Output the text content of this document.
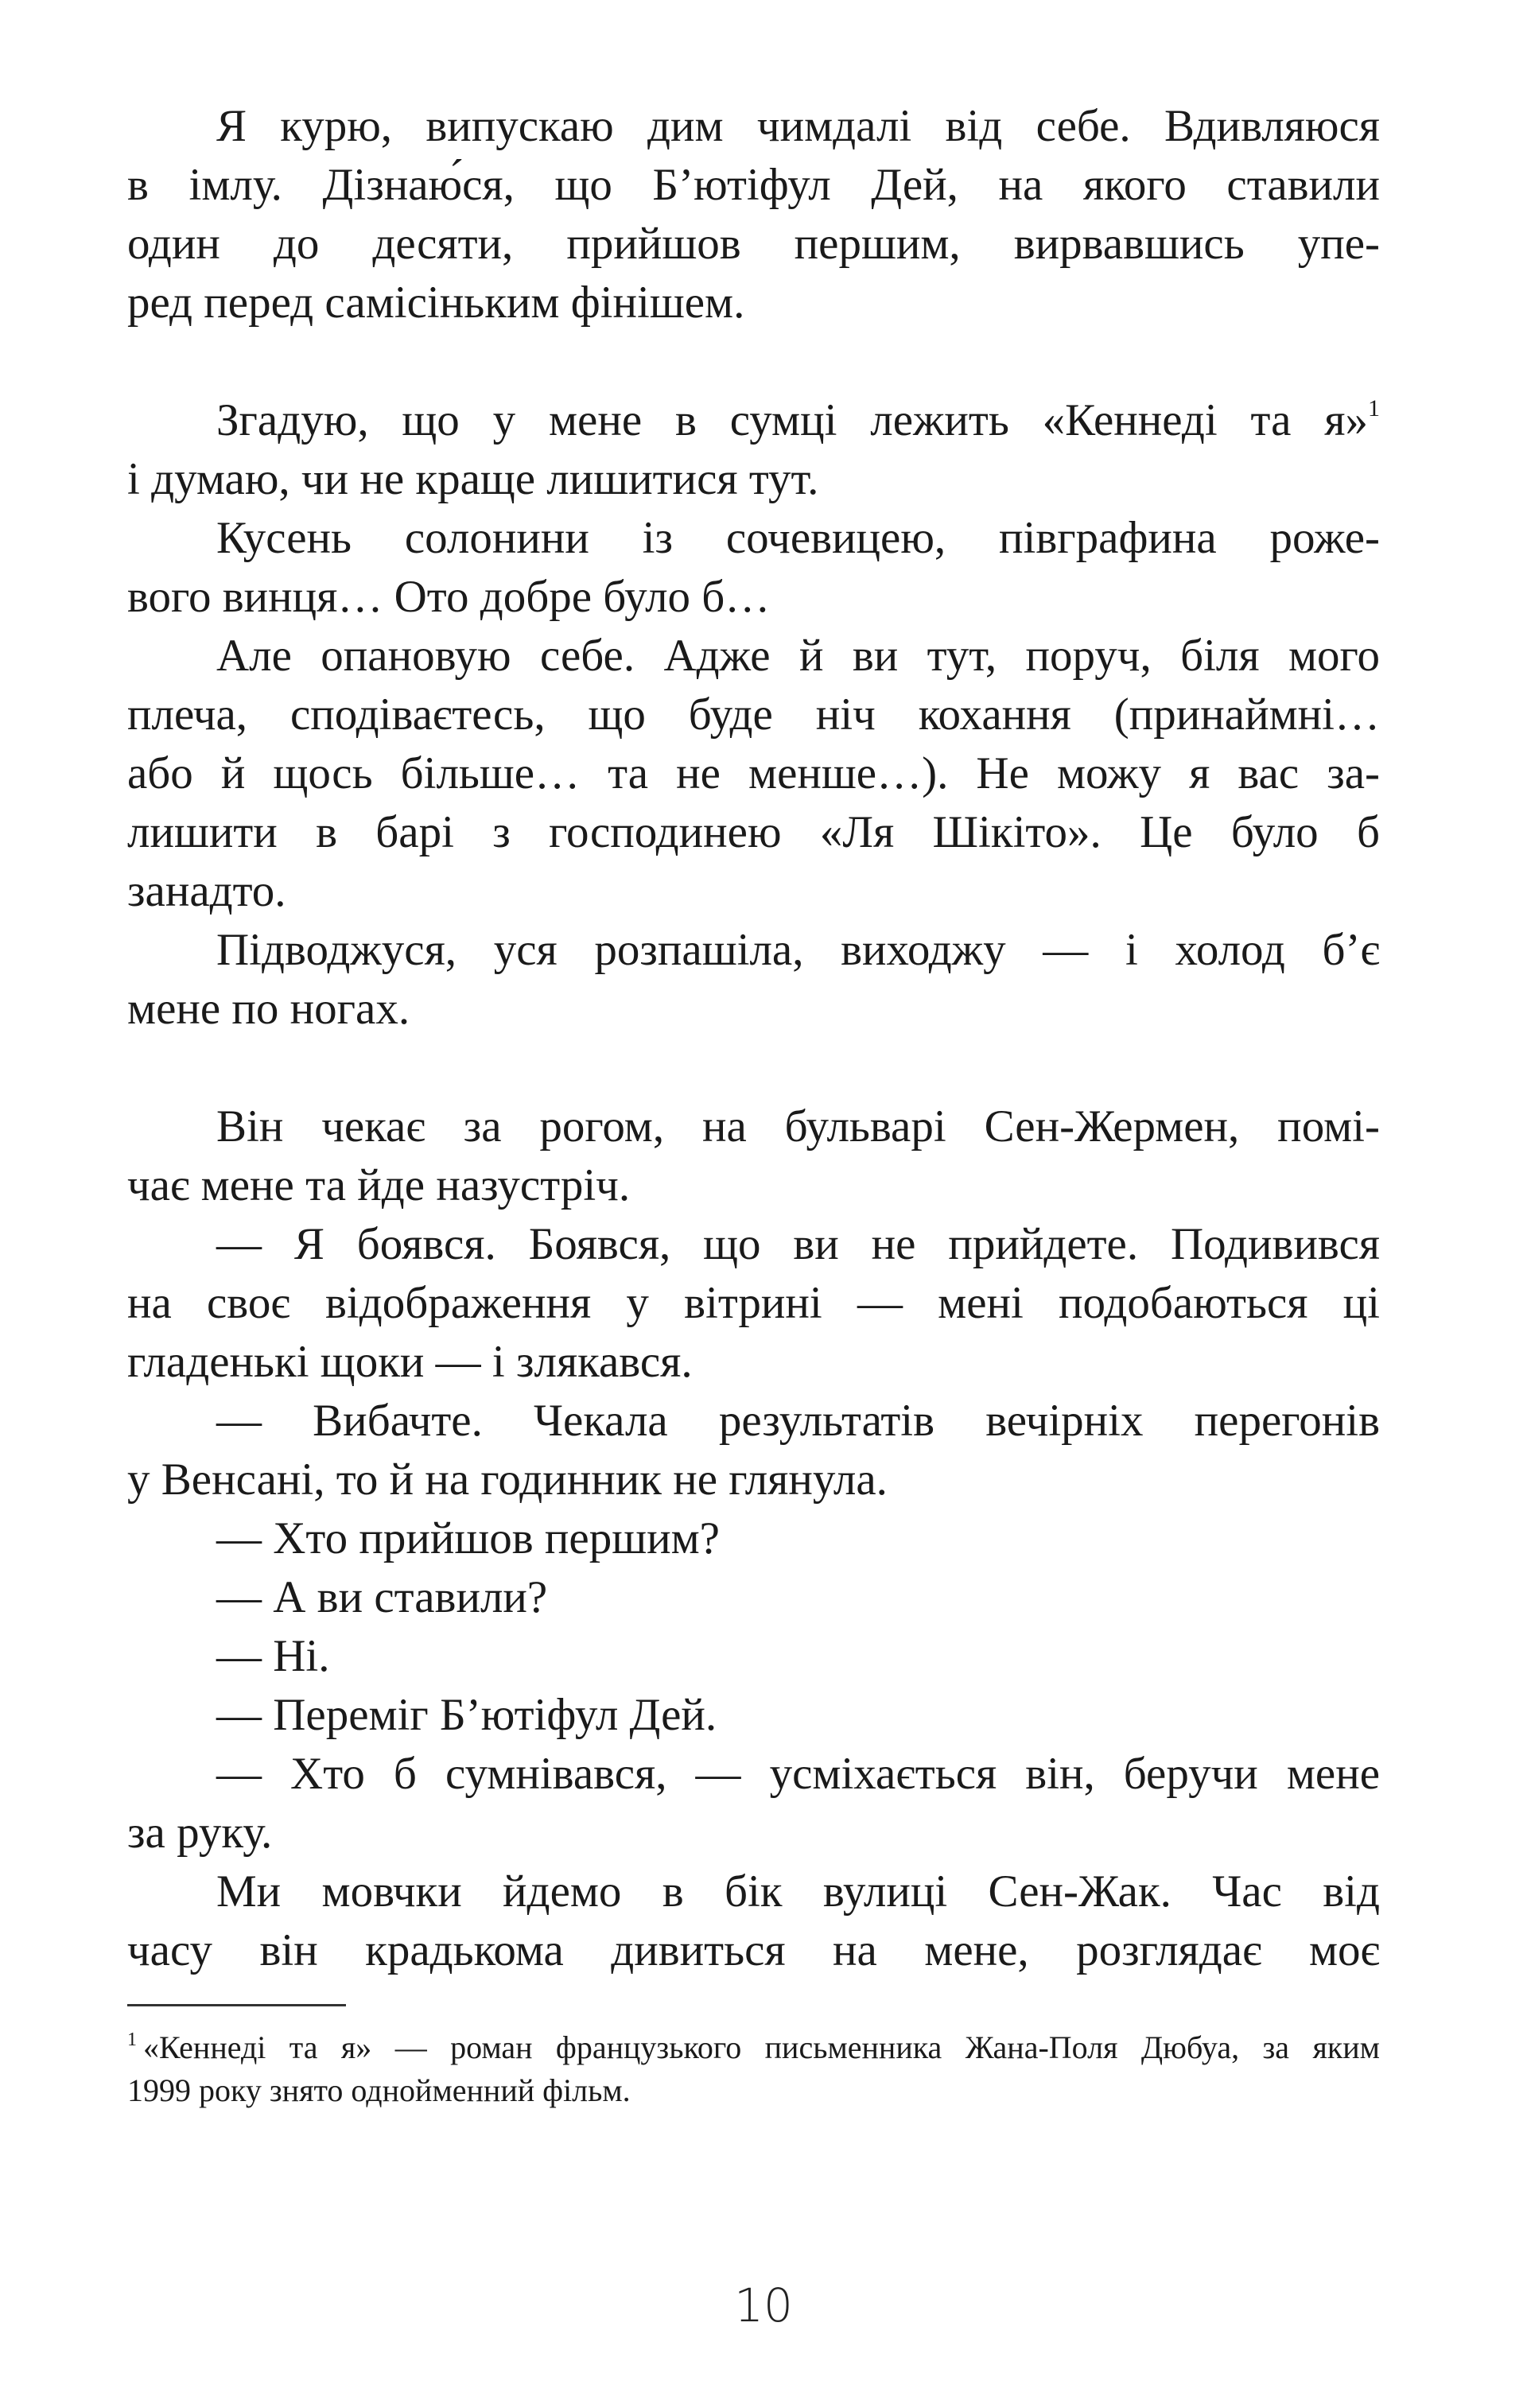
Я курю, випускаю дим чимдалі від себе. Вдивляюся
в імлу. Дізнаю́ся, що Б’ютіфул Дей, на якого ставили
один до десяти, прийшов першим, вирвавшись упе-
ред перед самісіньким фінішем.
Згадую, що у мене в сумці лежить «Кеннеді та я»$^1$
і думаю, чи не краще лишитися тут.
Кусень солонини із сочевицею, півграфина роже-
вого винця… Ото добре було б…
Але опановую себе. Адже й ви тут, поруч, біля мого
плеча, сподіваєтесь, що буде ніч кохання (принаймні…
або й щось більше… та не менше…). Не можу я вас за-
лишити в барі з господинею «Ля Шікіто». Це було б
занадто.
Підводжуся, уся розпашіла, виходжу — і холод б’є
мене по ногах.
Він чекає за рогом, на бульварі Сен-Жермен, помі-
чає мене та йде назустріч.
— Я боявся. Боявся, що ви не прийдете. Подивився
на своє відображення у вітрині — мені подобаються ці
гладенькі щоки — і злякався.
— Вибачте. Чекала результатів вечірніх перегонів
у Венсані, то й на годинник не глянула.
— Хто прийшов першим?
— А ви ставили?
— Ні.
— Переміг Б’ютіфул Дей.
— Хто б сумнівався, — усміхається він, беручи мене
за руку.
Ми мовчки йдемо в бік вулиці Сен-Жак. Час від
часу він крадькома дивиться на мене, розглядає моє
$^1$ «Кеннеді та я» — роман французького письменника Жана-Поля Дюбуа, за яким
1999 року знято однойменний фільм.
10
